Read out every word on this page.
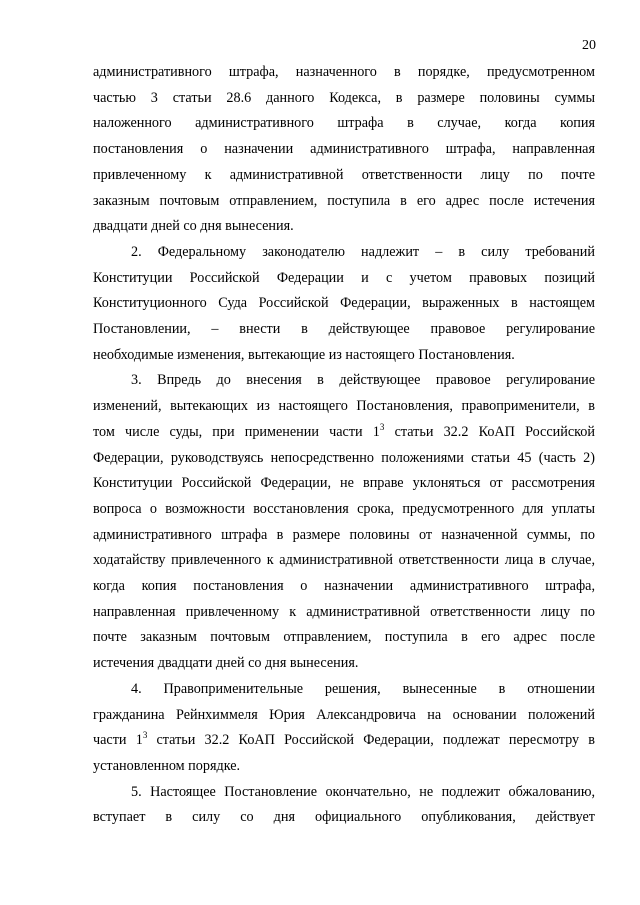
20
административного штрафа, назначенного в порядке, предусмотренном
частью 3 статьи 28.6 данного Кодекса, в размере половины суммы
наложенного административного штрафа в случае, когда копия
постановления о назначении административного штрафа, направленная
привлеченному к административной ответственности лицу по почте
заказным почтовым отправлением, поступила в его адрес после истечения
двадцати дней со дня вынесения.
2. Федеральному законодателю надлежит – в силу требований
Конституции Российской Федерации и с учетом правовых позиций
Конституционного Суда Российской Федерации, выраженных в настоящем
Постановлении, – внести в действующее правовое регулирование
необходимые изменения, вытекающие из настоящего Постановления.
3. Впредь до внесения в действующее правовое регулирование
изменений, вытекающих из настоящего Постановления, правоприменители, в
том числе суды, при применении части $1^3$ статьи 32.2 КоАП Российской
Федерации, руководствуясь непосредственно положениями статьи 45 (часть 2)
Конституции Российской Федерации, не вправе уклоняться от рассмотрения
вопроса о возможности восстановления срока, предусмотренного для уплаты
административного штрафа в размере половины от назначенной суммы, по
ходатайству привлеченного к административной ответственности лица в случае,
когда копия постановления о назначении административного штрафа,
направленная привлеченному к административной ответственности лицу по
почте заказным почтовым отправлением, поступила в его адрес после
истечения двадцати дней со дня вынесения.
4. Правоприменительные решения, вынесенные в отношении
гражданина Рейнхиммеля Юрия Александровича на основании положений
части $1^3$ статьи 32.2 КоАП Российской Федерации, подлежат пересмотру в
установленном порядке.
5. Настоящее Постановление окончательно, не подлежит обжалованию,
вступает в силу со дня официального опубликования, действует
